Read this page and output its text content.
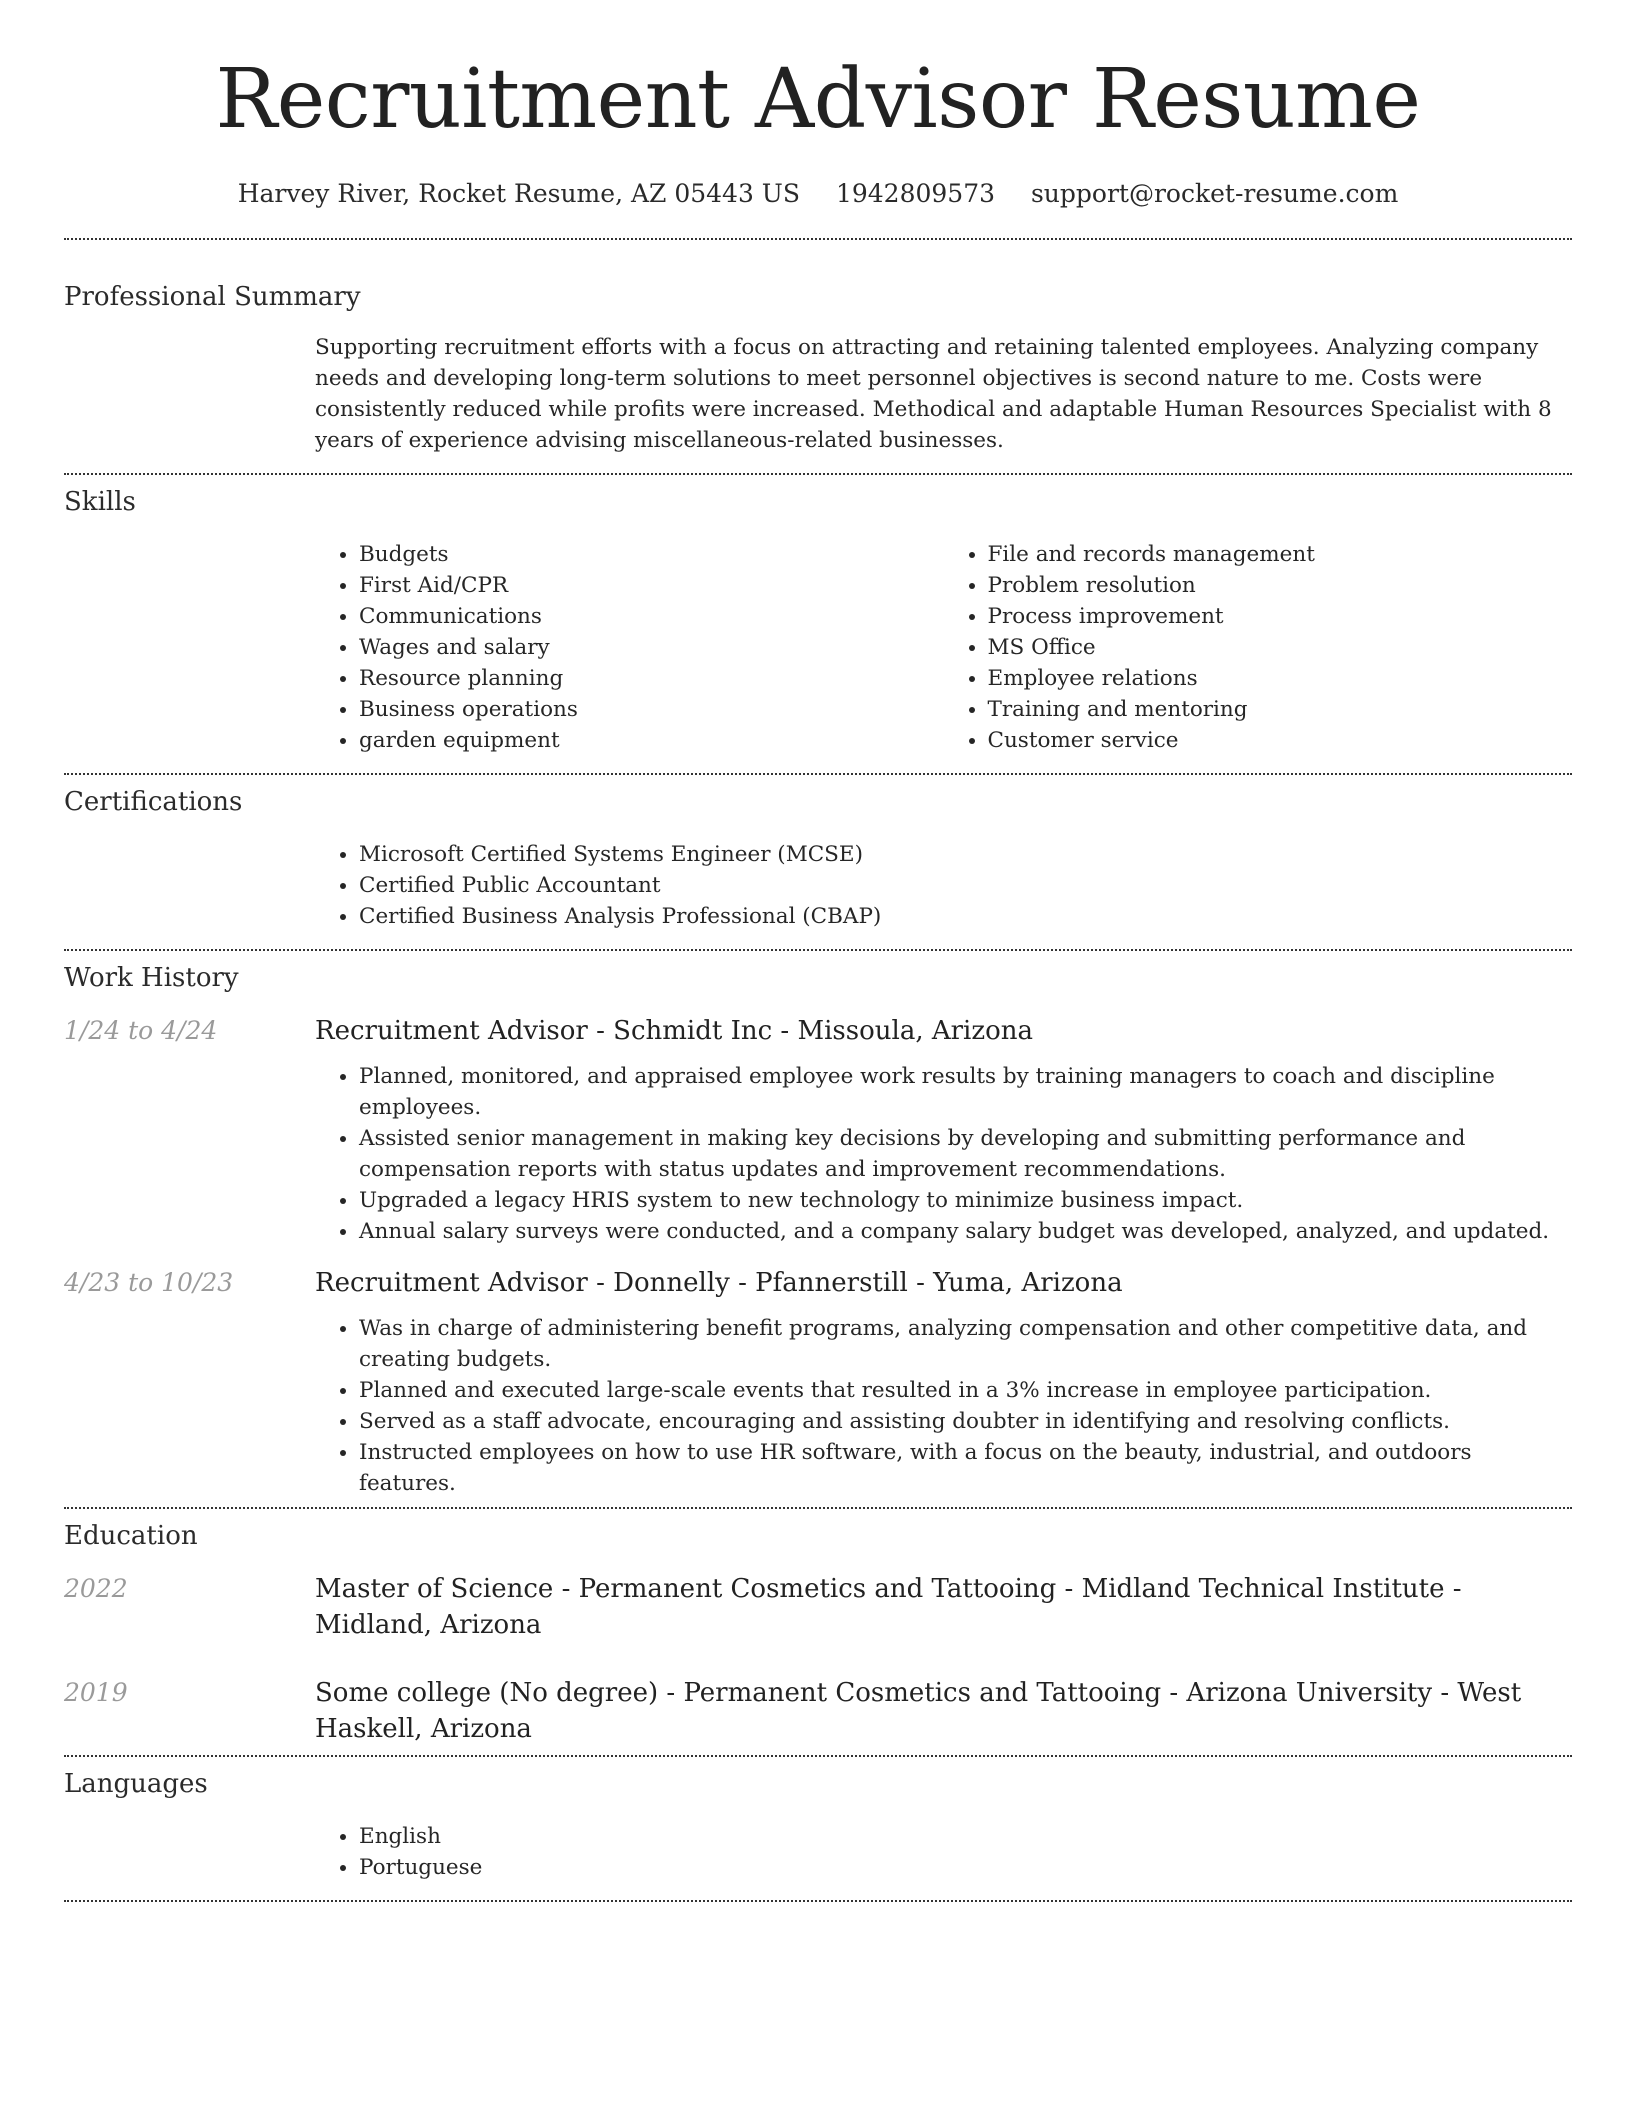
Recruitment Advisor Resume
Harvey River, Rocket Resume, AZ 05443 US 1942809573 support@rocket-resume.com
Professional Summary

Supporting recruitment efforts with a focus on attracting and retaining talented employees. Analyzing company needs and developing long-term solutions to meet personnel objectives is second nature to me. Costs were consistently reduced while profits were increased. Methodical and adaptable Human Resources Specialist with 8 years of experience advising miscellaneous-related businesses.

Skills
• Budgets
• First Aid/CPR
• Communications
• Wages and salary
• Resource planning
• Business operations
• garden equipment
• File and records management
• Problem resolution
• Process improvement
• MS Office
• Employee relations
• Training and mentoring
• Customer service
Certifications
• Microsoft Certified Systems Engineer (MCSE)
• Certified Public Accountant
• Certified Business Analysis Professional (CBAP)
Work History
1/24 to 4/24	Recruitment Advisor - Schmidt Inc - Missoula, Arizona
• Planned, monitored, and appraised employee work results by training managers to coach and discipline employees.
• Assisted senior management in making key decisions by developing and submitting performance and compensation reports with status updates and improvement recommendations.
• Upgraded a legacy HRIS system to new technology to minimize business impact.
• Annual salary surveys were conducted, and a company salary budget was developed, analyzed, and updated.
4/23 to 10/23	Recruitment Advisor - Donnelly - Pfannerstill - Yuma, Arizona
• Was in charge of administering benefit programs, analyzing compensation and other competitive data, and creating budgets.
• Planned and executed large-scale events that resulted in a 3% increase in employee participation.
• Served as a staff advocate, encouraging and assisting doubter in identifying and resolving conflicts.
• Instructed employees on how to use HR software, with a focus on the beauty, industrial, and outdoors features.
Education
2022	Master of Science - Permanent Cosmetics and Tattooing - Midland Technical Institute - Midland, Arizona
2019	Some college (No degree) - Permanent Cosmetics and Tattooing - Arizona University - West Haskell, Arizona
Languages
• English
• Portuguese
